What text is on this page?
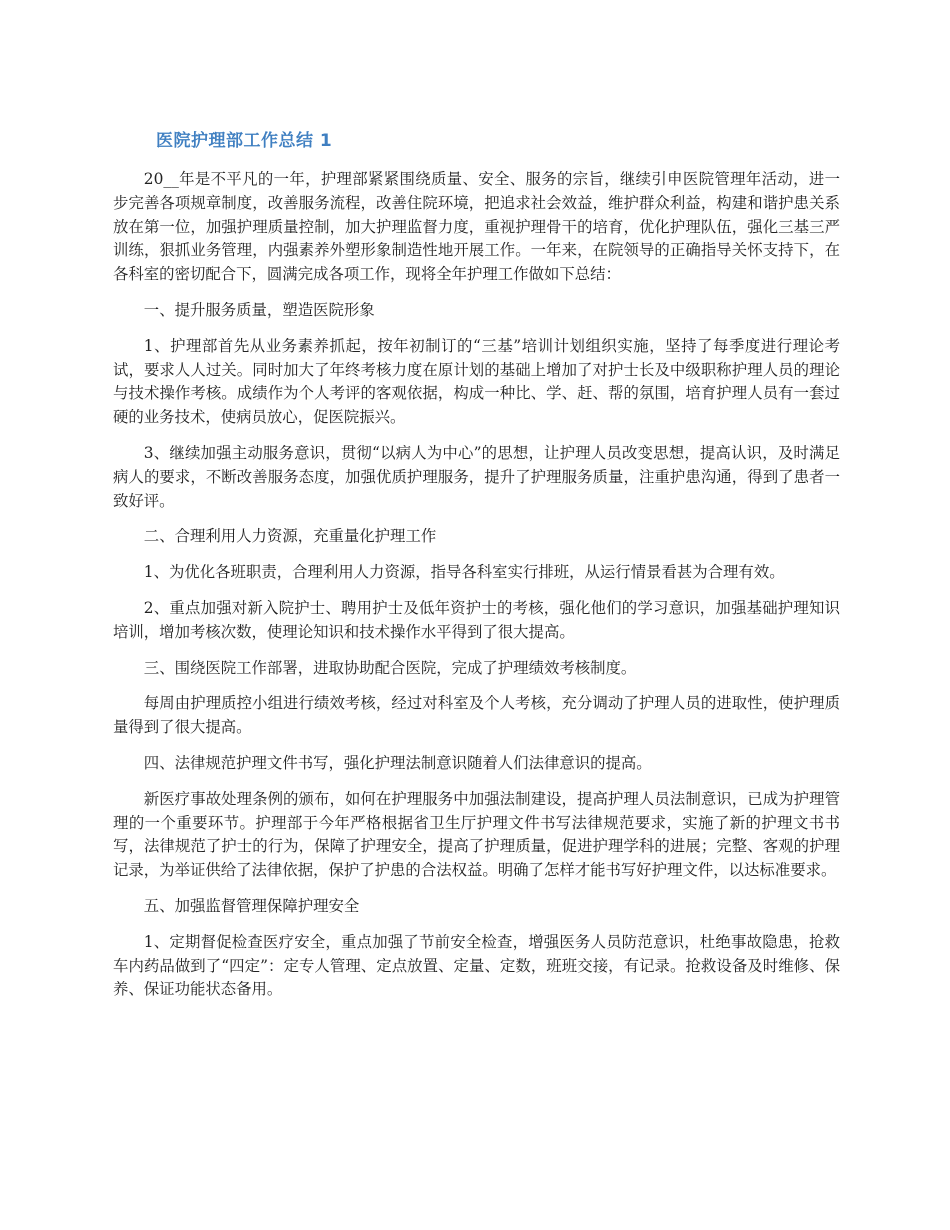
医院护理部工作总结 1

20__年是不平凡的一年，护理部紧紧围绕质量、安全、服务的宗旨，继续引申医院管理年活动，进一步完善各项规章制度，改善服务流程，改善住院环境，把追求社会效益，维护群众利益，构建和谐护患关系放在第一位，加强护理质量控制，加大护理监督力度，重视护理骨干的培育，优化护理队伍，强化三基三严训练，狠抓业务管理，内强素养外塑形象制造性地开展工作。一年来，在院领导的正确指导关怀支持下，在各科室的密切配合下，圆满完成各项工作，现将全年护理工作做如下总结：

一、提升服务质量，塑造医院形象

1、护理部首先从业务素养抓起，按年初制订的“三基”培训计划组织实施，坚持了每季度进行理论考试，要求人人过关。同时加大了年终考核力度在原计划的基础上增加了对护士长及中级职称护理人员的理论与技术操作考核。成绩作为个人考评的客观依据，构成一种比、学、赶、帮的氛围，培育护理人员有一套过硬的业务技术，使病员放心，促医院振兴。

3、继续加强主动服务意识，贯彻“以病人为中心”的思想，让护理人员改变思想，提高认识，及时满足病人的要求，不断改善服务态度，加强优质护理服务，提升了护理服务质量，注重护患沟通，得到了患者一致好评。

二、合理利用人力资源，充重量化护理工作

1、为优化各班职责，合理利用人力资源，指导各科室实行排班，从运行情景看甚为合理有效。

2、重点加强对新入院护士、聘用护士及低年资护士的考核，强化他们的学习意识，加强基础护理知识培训，增加考核次数，使理论知识和技术操作水平得到了很大提高。

三、围绕医院工作部署，进取协助配合医院，完成了护理绩效考核制度。

每周由护理质控小组进行绩效考核，经过对科室及个人考核，充分调动了护理人员的进取性，使护理质量得到了很大提高。

四、法律规范护理文件书写，强化护理法制意识随着人们法律意识的提高。

新医疗事故处理条例的颁布，如何在护理服务中加强法制建设，提高护理人员法制意识，已成为护理管理的一个重要环节。护理部于今年严格根据省卫生厅护理文件书写法律规范要求，实施了新的护理文书书写，法律规范了护士的行为，保障了护理安全，提高了护理质量，促进护理学科的进展；完整、客观的护理记录，为举证供给了法律依据，保护了护患的合法权益。明确了怎样才能书写好护理文件，以达标准要求。

五、加强监督管理保障护理安全

1、定期督促检查医疗安全，重点加强了节前安全检查，增强医务人员防范意识，杜绝事故隐患，抢救车内药品做到了“四定”：定专人管理、定点放置、定量、定数，班班交接，有记录。抢救设备及时维修、保养、保证功能状态备用。
